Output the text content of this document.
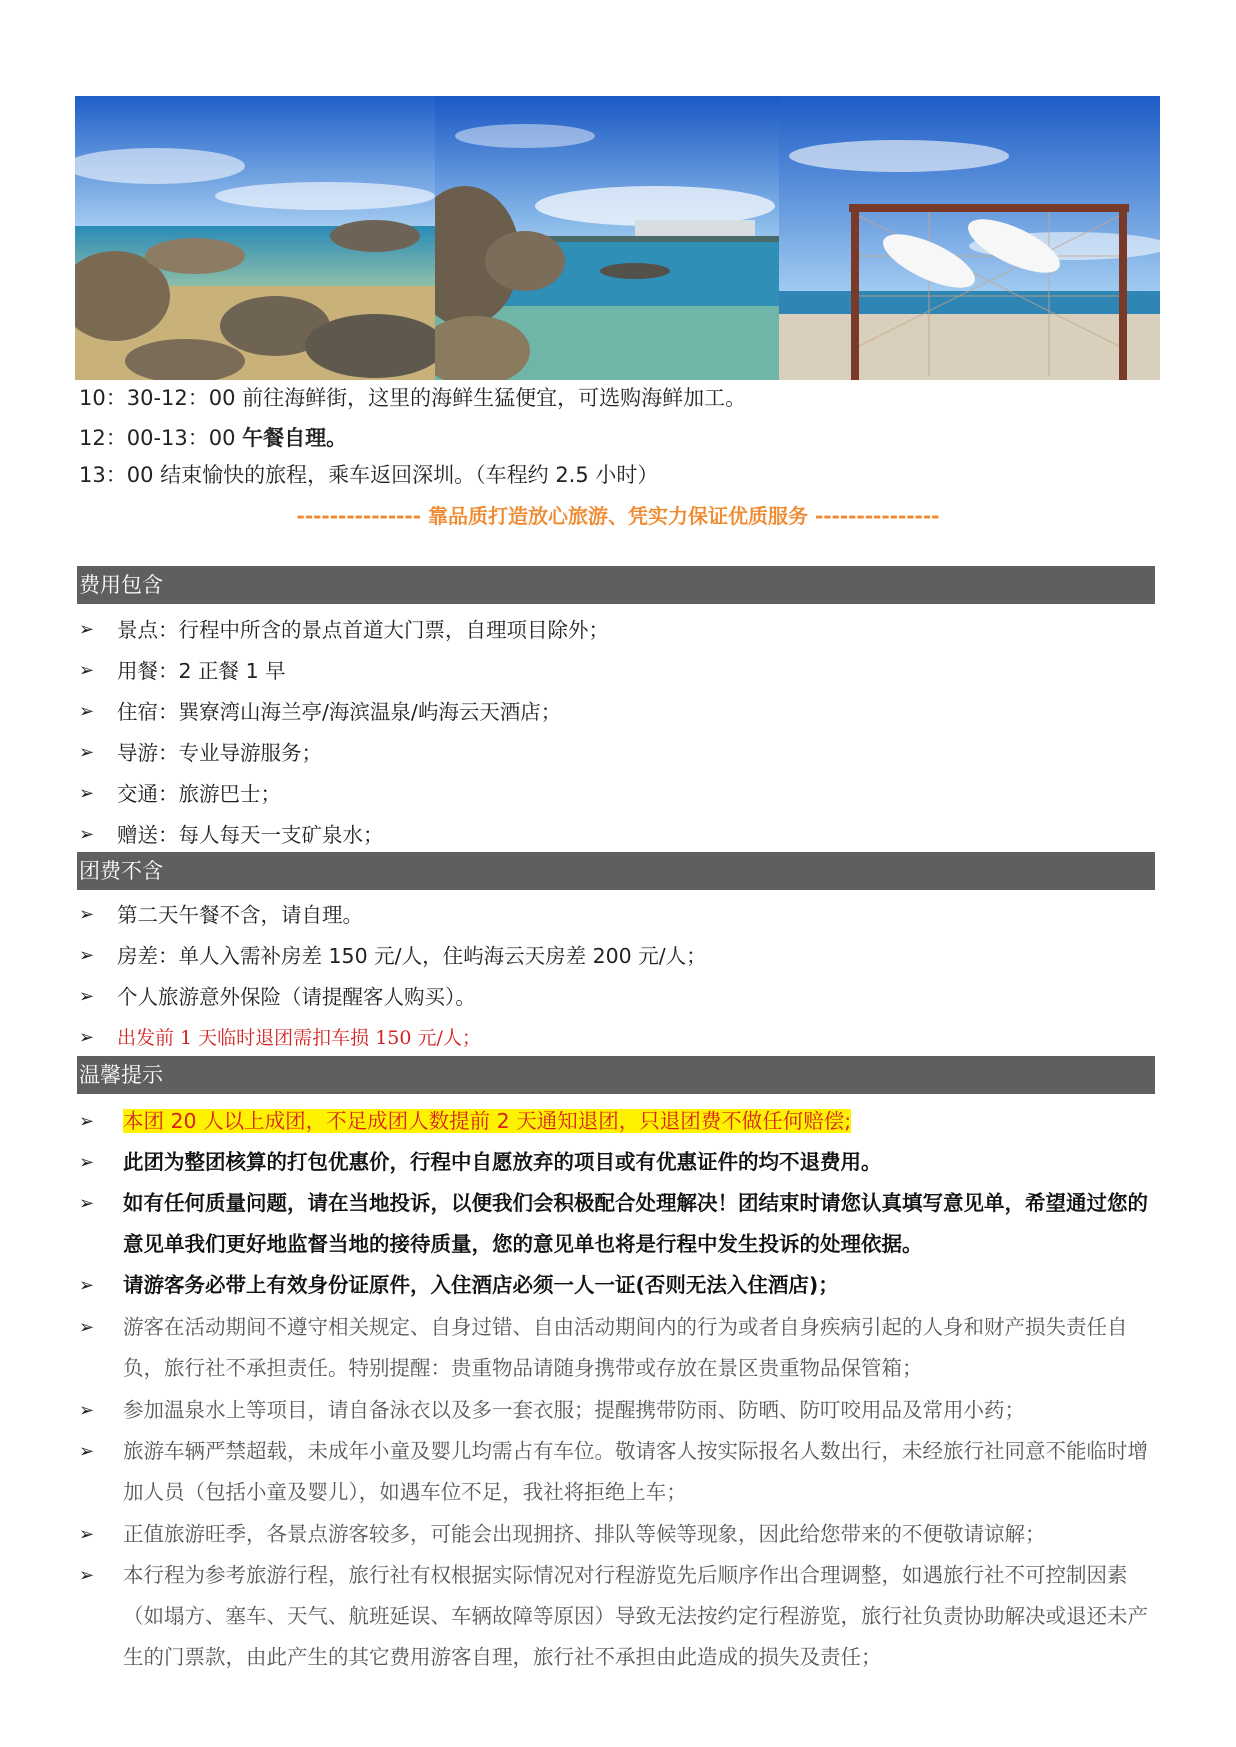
10：30-12：00 前往海鲜街，这里的海鲜生猛便宜，可选购海鲜加工。
12：00-13：00 午餐自理。
13：00 结束愉快的旅程，乘车返回深圳。（车程约 2.5 小时）
--------------- 靠品质打造放心旅游、凭实力保证优质服务 ---------------
费用包含
➢	景点：行程中所含的景点首道大门票，自理项目除外；
➢	用餐：2 正餐 1 早
➢	住宿：巽寮湾山海兰亭/海滨温泉/屿海云天酒店；
➢	导游：专业导游服务；
➢	交通：旅游巴士；
➢	赠送：每人每天一支矿泉水；
团费不含
➢	第二天午餐不含，请自理。
➢	房差：单人入需补房差 150 元/人，住屿海云天房差 200 元/人；
➢	个人旅游意外保险（请提醒客人购买）。
➢	出发前 1 天临时退团需扣车损 150 元/人；
温馨提示
➢	本团 20 人以上成团，不足成团人数提前 2 天通知退团，只退团费不做任何赔偿;
➢	此团为整团核算的打包优惠价，行程中自愿放弃的项目或有优惠证件的均不退费用。
➢	如有任何质量问题，请在当地投诉，以便我们会积极配合处理解决！团结束时请您认真填写意见单，希望通过您的意见单我们更好地监督当地的接待质量，您的意见单也将是行程中发生投诉的处理依据。
➢	请游客务必带上有效身份证原件，入住酒店必须一人一证(否则无法入住酒店)；
➢	游客在活动期间不遵守相关规定、自身过错、自由活动期间内的行为或者自身疾病引起的人身和财产损失责任自负，旅行社不承担责任。特别提醒：贵重物品请随身携带或存放在景区贵重物品保管箱；
➢	参加温泉水上等项目，请自备泳衣以及多一套衣服；提醒携带防雨、防晒、防叮咬用品及常用小药；
➢	旅游车辆严禁超载，未成年小童及婴儿均需占有车位。敬请客人按实际报名人数出行，未经旅行社同意不能临时增加人员（包括小童及婴儿），如遇车位不足，我社将拒绝上车；
➢	正值旅游旺季，各景点游客较多，可能会出现拥挤、排队等候等现象，因此给您带来的不便敬请谅解；
➢	本行程为参考旅游行程，旅行社有权根据实际情况对行程游览先后顺序作出合理调整，如遇旅行社不可控制因素（如塌方、塞车、天气、航班延误、车辆故障等原因）导致无法按约定行程游览，旅行社负责协助解决或退还未产生的门票款，由此产生的其它费用游客自理，旅行社不承担由此造成的损失及责任；
